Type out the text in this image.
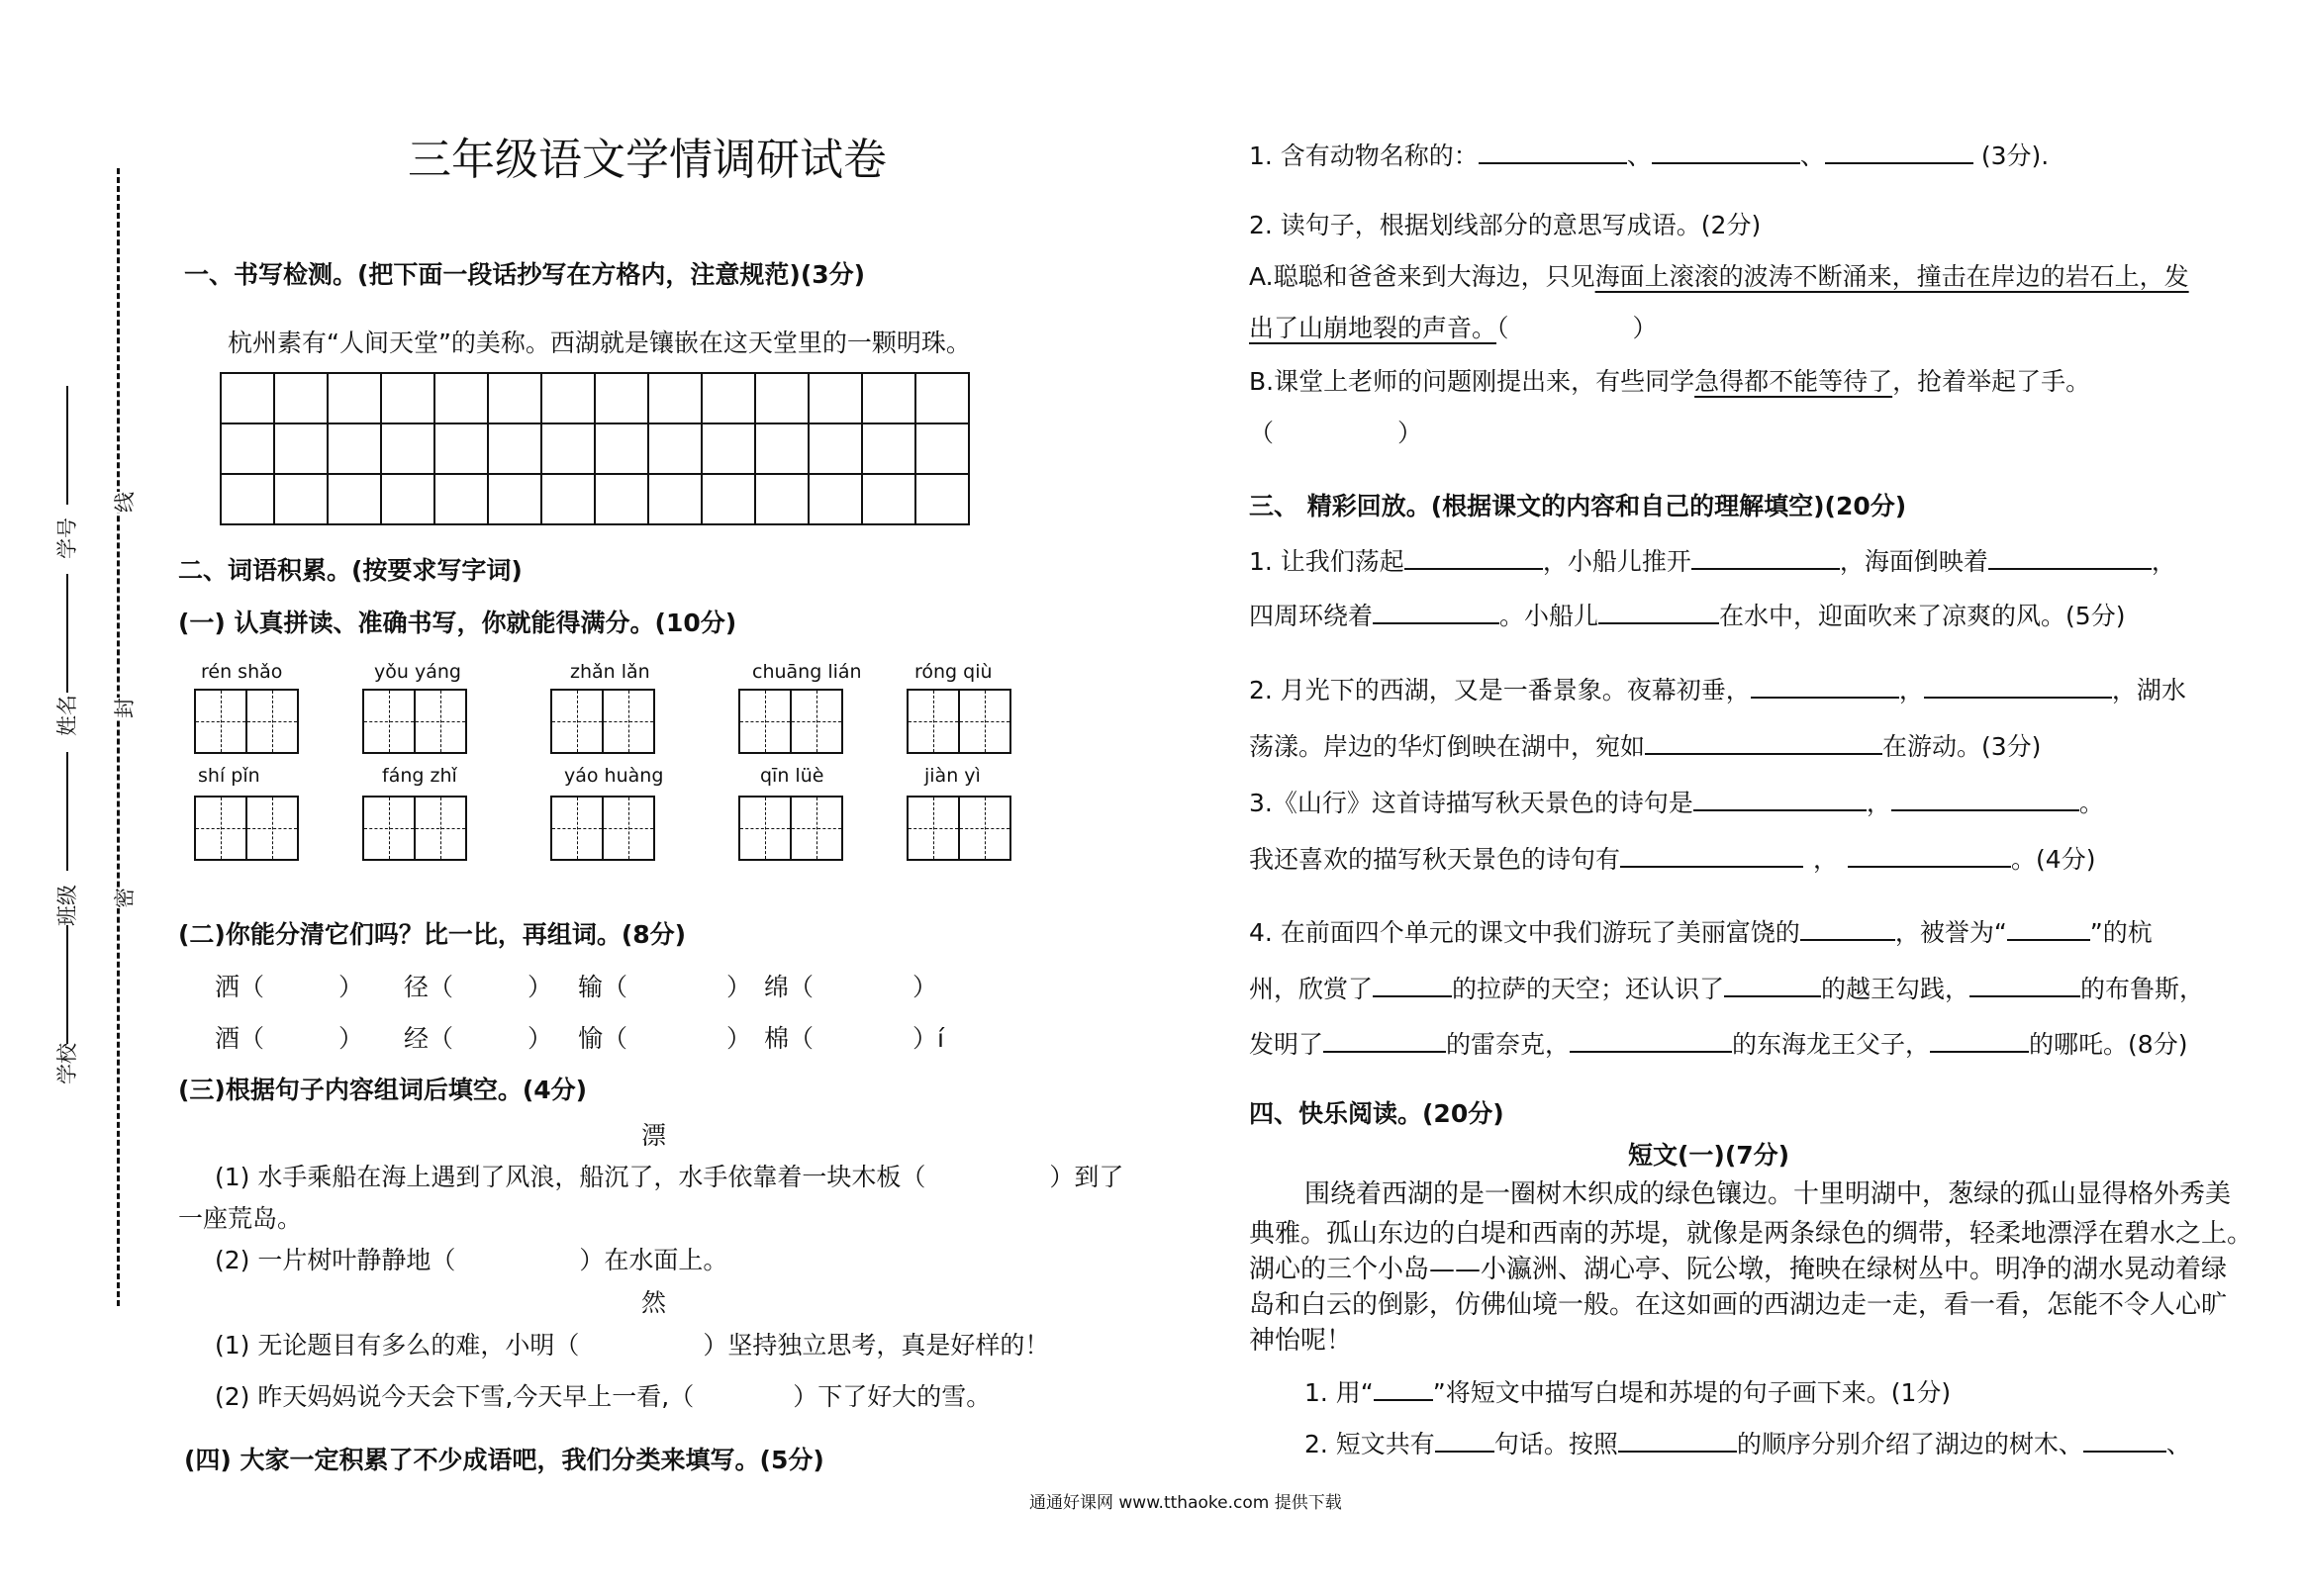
学校
班级
姓名
学号
密
封
线
三年级语文学情调研试卷
一、书写检测。(把下面一段话抄写在方格内，注意规范)(3分)
杭州素有“人间天堂”的美称。西湖就是镶嵌在这天堂里的一颗明珠。

二、词语积累。(按要求写字词)
(一) 认真拼读、准确书写，你就能得满分。(10分)
rén shǎo	yǒu yáng	zhǎn lǎn	chuāng lián	róng qiù
shí pǐn	fáng zhǐ	yáo huàng	qīn lüè	jiàn yì
(二)你能分清它们吗？比一比，再组词。(8分)
洒（　　　） 径（　　　） 输（　　　　） 绵（　　　　）
酒（　　　） 经（　　　） 愉（　　　　） 棉（　　　　）í
(三)根据句子内容组词后填空。(4分)
漂
(1) 水手乘船在海上遇到了风浪，船沉了，水手依靠着一块木板（　　　　　）到了
一座荒岛。
(2) 一片树叶静静地（　　　　　）在水面上。
然
(1) 无论题目有多么的难，小明（　　　　　）坚持独立思考，真是好样的！
(2) 昨天妈妈说今天会下雪,今天早上一看,（　　　　）下了好大的雪。
(四) 大家一定积累了不少成语吧，我们分类来填写。(5分)
1. 含有动物名称的：	、	、	(3分).
2. 读句子，根据划线部分的意思写成语。(2分)
A.聪聪和爸爸来到大海边，只见海面上滚滚的波涛不断涌来，撞击在岸边的岩石上，发
出了山崩地裂的声音。（　　　　　）
B.课堂上老师的问题刚提出来，有些同学急得都不能等待了，抢着举起了手。
（　　　　　）
三、 精彩回放。(根据课文的内容和自己的理解填空)(20分)
1. 让我们荡起	，小船儿推开	，海面倒映着	，
四周环绕着	。小船儿	在水中，迎面吹来了凉爽的风。(5分)
2. 月光下的西湖，又是一番景象。夜幕初垂，	，	，湖水
荡漾。岸边的华灯倒映在湖中，宛如	在游动。(3分)
3.《山行》这首诗描写秋天景色的诗句是	，	。
我还喜欢的描写秋天景色的诗句有	，	。(4分)
4. 在前面四个单元的课文中我们游玩了美丽富饶的	，被誉为“	”的杭
州，欣赏了	的拉萨的天空；还认识了	的越王勾践，	的布鲁斯，
发明了	的雷奈克，	的东海龙王父子，	的哪吒。(8分)
四、快乐阅读。(20分)
短文(一)(7分)
围绕着西湖的是一圈树木织成的绿色镶边。十里明湖中，葱绿的孤山显得格外秀美
典雅。孤山东边的白堤和西南的苏堤，就像是两条绿色的绸带，轻柔地漂浮在碧水之上。
湖心的三个小岛——小瀛洲、湖心亭、阮公墩，掩映在绿树丛中。明净的湖水晃动着绿
岛和白云的倒影，仿佛仙境一般。在这如画的西湖边走一走，看一看，怎能不令人心旷
神怡呢！
1. 用“ ”将短文中描写白堤和苏堤的句子画下来。(1分)
2. 短文共有 句话。按照	的顺序分别介绍了湖边的树木、	、
通通好课网 www.tthaoke.com 提供下载
